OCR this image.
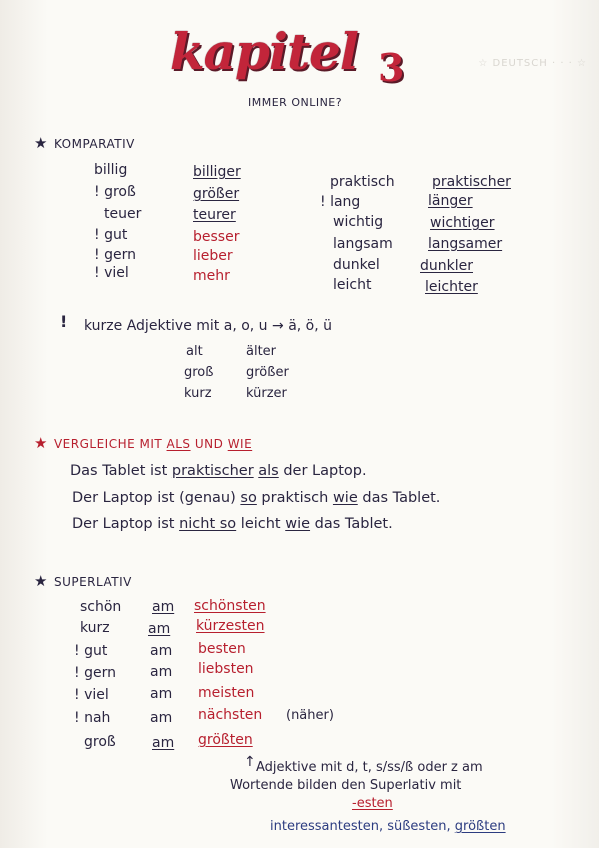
☆ DEUTSCH · · · ☆
kapitel 3
IMMER ONLINE?
★ KOMPARATIV
billig	billiger
! groß	größer
teuer	teurer
! gut	besser
! gern	lieber
! viel	mehr
praktisch	praktischer
! lang	länger
wichtig	wichtiger
langsam	langsamer
dunkel	dunkler
leicht	leichter
! kurze Adjektive mit a, o, u → ä, ö, ü
alt	älter
groß	größer
kurz	kürzer
★ VERGLEICHE MIT ALS UND WIE
Das Tablet ist praktischer als der Laptop.
Der Laptop ist (genau) so praktisch wie das Tablet.
Der Laptop ist nicht so leicht wie das Tablet.
★ SUPERLATIV
schön am schönsten
kurz	am kürzesten
! gut	am besten
! gern am liebsten
! viel	am meisten
! nah	am nächsten (näher)
groß	am größten
↑ Adjektive mit d, t, s/ss/ß oder z am
Wortende bilden den Superlativ mit
-esten
interessantesten, süßesten, größten
